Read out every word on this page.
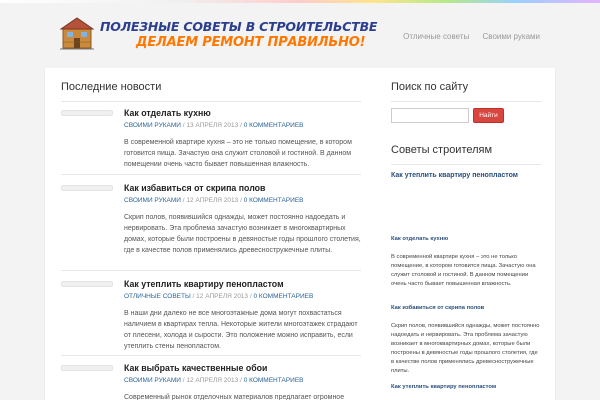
ПОЛЕЗНЫЕ СОВЕТЫ В СТРОИТЕЛЬСТВЕ
ДЕЛАЕМ РЕМОНТ ПРАВИЛЬНО!	Отличные советы Своими руками
Последние новости
Как отделать кухню
СВОИМИ РУКАМИ / 13 АПРЕЛЯ 2013 / 0 КОММЕНТАРИЕВ
В современной квартире кухня – это не только помещение, в котором готовится пища. Зачастую она служит столовой и гостиной. В данном помещении очень часто бывает повышенная влажность.
Как избавиться от скрипа полов
СВОИМИ РУКАМИ / 12 АПРЕЛЯ 2013 / 0 КОММЕНТАРИЕВ
Скрип полов, появившийся однажды, может постоянно надоедать и нервировать. Эта проблема зачастую возникает в многоквартирных домах, которые были построены в девяностые годы прошлого столетия, где в качестве полов применялись древесностружечные плиты.
Как утеплить квартиру пенопластом
ОТЛИЧНЫЕ СОВЕТЫ / 12 АПРЕЛЯ 2013 / 0 КОММЕНТАРИЕВ
В наши дни далеко не все многоэтажные дома могут похвастаться наличием в квартирах тепла. Некоторые жители многоэтажек страдают от плесени, холода и сырости. Это положение можно исправить, если утеплить стены пенопластом.
Как выбрать качественные обои
СВОИМИ РУКАМИ / 12 АПРЕЛЯ 2013 / 0 КОММЕНТАРИЕВ
Современный рынок отделочных материалов предлагает огромное
Поиск по сайту
Найти
Советы строителям
Как утеплить квартиру пенопластом
Как отделать кухню
В современной квартире кухня – это не только помещение, в котором готовится пища. Зачастую она служит столовой и гостиной. В данном помещении очень часто бывает повышенная влажность.
Как избавиться от скрипа полов
Скрип полов, появившийся однажды, может постоянно надоедать и нервировать. Эта проблема зачастую возникает в многоквартирных домах, которые были построены в девяностые годы прошлого столетия, где в качестве полов применялись древесностружечные плиты.
Как утеплить квартиру пенопластом
